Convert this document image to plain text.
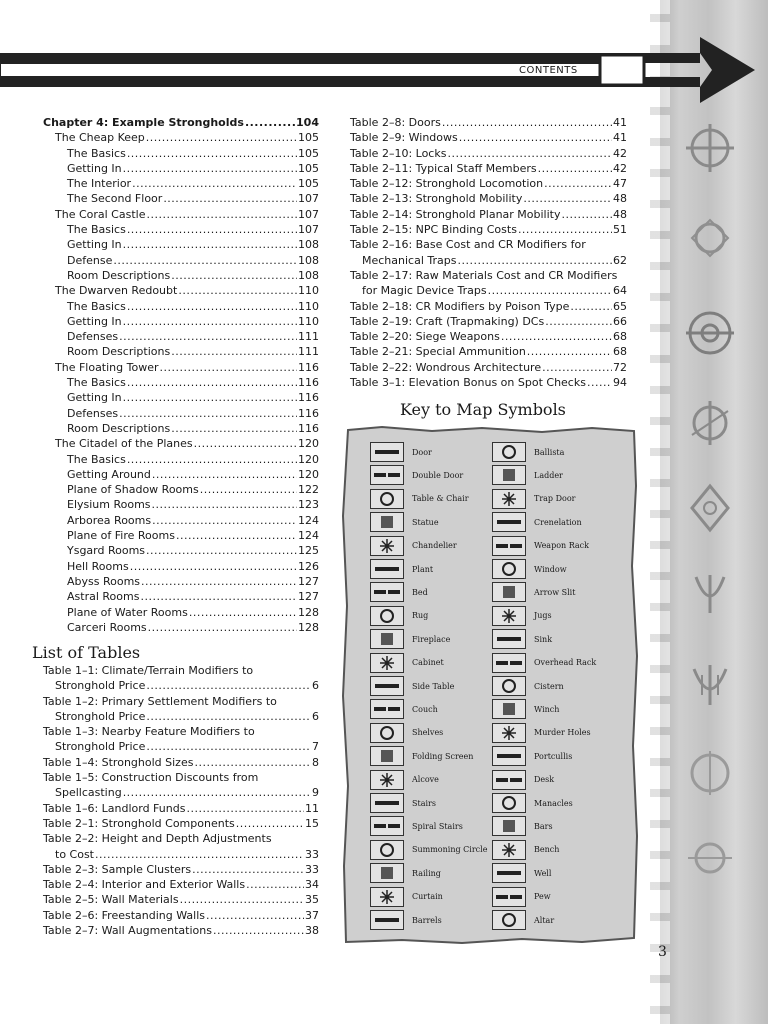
CONTENTS
Chapter 4: Example Strongholds .....	104
The Cheap Keep .....	105
The Basics .....	105
Getting In .....	105
The Interior .....	105
The Second Floor .....	107
The Coral Castle .....	107
The Basics .....	107
Getting In .....	108
Defense .....	108
Room Descriptions .....	108
The Dwarven Redoubt .....	110
The Basics .....	110
Getting In .....	110
Defenses .....	111
Room Descriptions .....	111
The Floating Tower .....	116
The Basics .....	116
Getting In .....	116
Defenses .....	116
Room Descriptions .....	116
The Citadel of the Planes .....	120
The Basics .....	120
Getting Around .....	120
Plane of Shadow Rooms .....	122
Elysium Rooms .....	123
Arborea Rooms .....	124
Plane of Fire Rooms .....	124
Ysgard Rooms .....	125
Hell Rooms .....	126
Abyss Rooms .....	127
Astral Rooms .....	127
Plane of Water Rooms .....	128
Carceri Rooms .....	128
List of Tables
Table 1–1: Climate/Terrain Modifiers to
Stronghold Price .....	6
Table 1–2: Primary Settlement Modifiers to
Stronghold Price .....	6
Table 1–3: Nearby Feature Modifiers to
Stronghold Price .....	7
Table 1–4: Stronghold Sizes .....	8
Table 1–5: Construction Discounts from
Spellcasting .....	9
Table 1–6: Landlord Funds .....	11
Table 2–1: Stronghold Components .....	15
Table 2–2: Height and Depth Adjustments
to Cost .....	33
Table 2–3: Sample Clusters .....	33
Table 2–4: Interior and Exterior Walls .....	34
Table 2–5: Wall Materials .....	35
Table 2–6: Freestanding Walls .....	37
Table 2–7: Wall Augmentations .....	38
Table 2–8: Doors .....	41
Table 2–9: Windows .....	41
Table 2–10: Locks .....	42
Table 2–11: Typical Staff Members .....	42
Table 2–12: Stronghold Locomotion .....	47
Table 2–13: Stronghold Mobility .....	48
Table 2–14: Stronghold Planar Mobility .....	48
Table 2–15: NPC Binding Costs .....	51
Table 2–16: Base Cost and CR Modifiers for
Mechanical Traps .....	62
Table 2–17: Raw Materials Cost and CR Modifiers
for Magic Device Traps .....	64
Table 2–18: CR Modifiers by Poison Type .....	65
Table 2–19: Craft (Trapmaking) DCs .....	66
Table 2–20: Siege Weapons .....	68
Table 2–21: Special Ammunition .....	68
Table 2–22: Wondrous Architecture .....	72
Table 3–1: Elevation Bonus on Spot Checks ..... 94
Key to Map Symbols
Door
Double Door
Table & Chair
Statue
Chandelier
Plant
Bed
Rug
Fireplace
Cabinet
Side Table
Couch
Shelves
Folding Screen
Alcove
Stairs
Spiral Stairs
Summoning Circle
Railing
Curtain
Barrels
Ballista
Ladder
Trap Door
Crenelation
Weapon Rack
Window
Arrow Slit
Jugs
Sink
Overhead Rack
Cistern
Winch
Murder Holes
Portcullis
Desk
Manacles
Bars
Bench
Well
Pew
Altar
3
